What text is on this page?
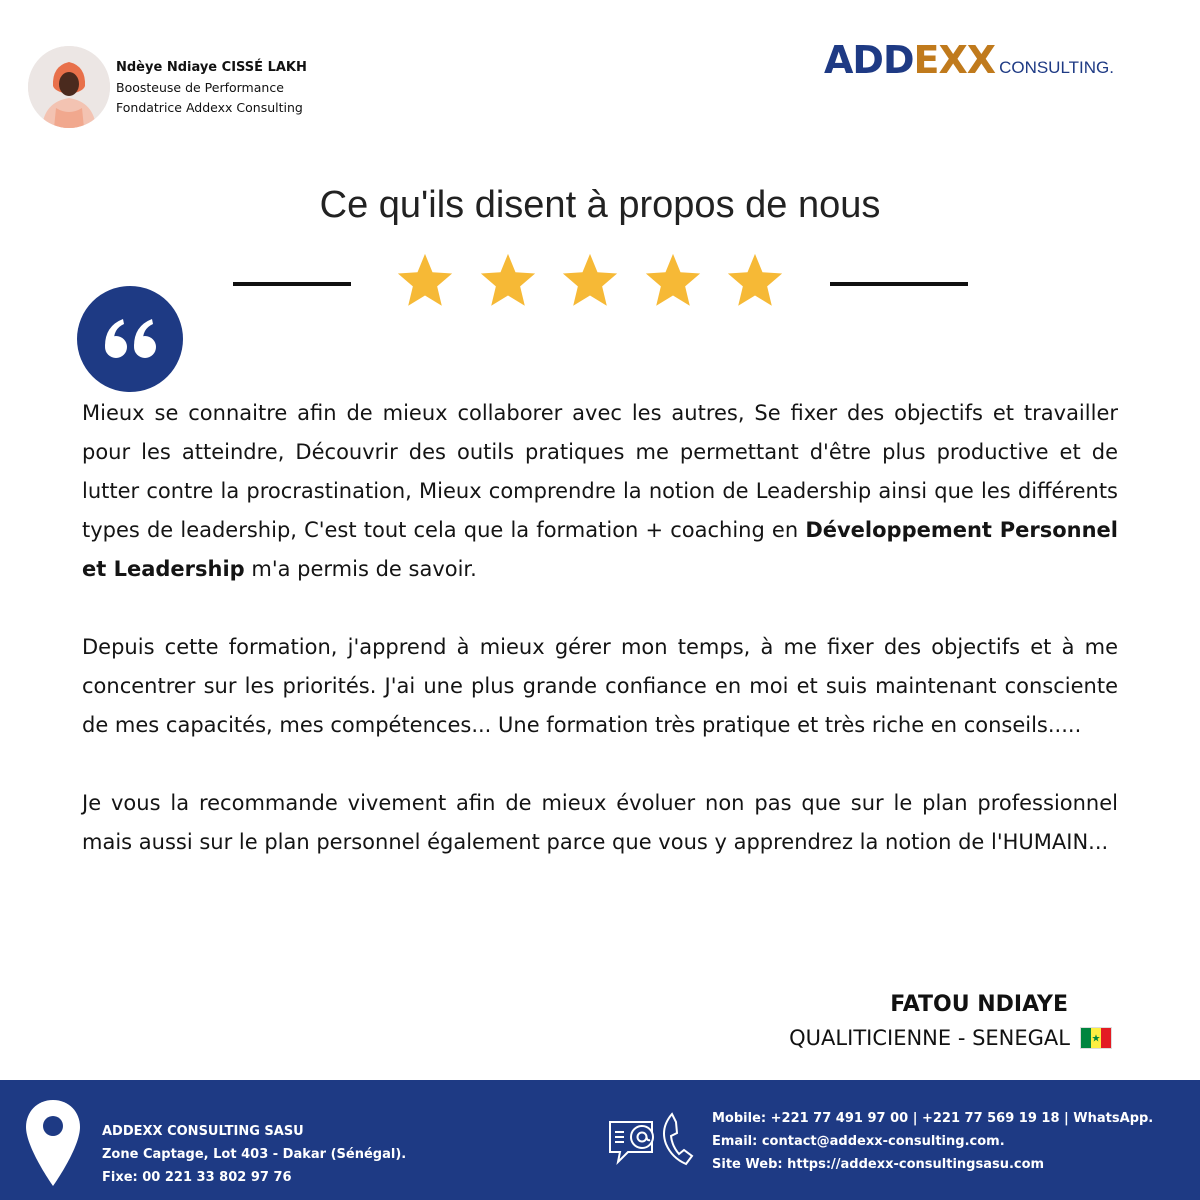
Ndèye Ndiaye CISSÉ LAKH
Boosteuse de Performance
Fondatrice Addexx Consulting
ADDEXX CONSULTING.
Ce qu'ils disent à propos de nous

Mieux se connaitre afin de mieux collaborer avec les autres, Se fixer des objectifs et travailler pour les atteindre, Découvrir des outils pratiques me permettant d'être plus productive et de lutter contre la procrastination, Mieux comprendre la notion de Leadership ainsi que les différents types de leadership, C'est tout cela que la formation + coaching en Développement Personnel et Leadership m'a permis de savoir.

Depuis cette formation, j'apprend à mieux gérer mon temps, à me fixer des objectifs et à me concentrer sur les priorités. J'ai une plus grande confiance en moi et suis maintenant consciente de mes capacités, mes compétences... Une formation très pratique et très riche en conseils.....

Je vous la recommande vivement afin de mieux évoluer non pas que sur le plan professionnel mais aussi sur le plan personnel également parce que vous y apprendrez la notion de l'HUMAIN...

FATOU NDIAYE
QUALITICIENNE - SENEGAL
ADDEXX CONSULTING SASU
Zone Captage, Lot 403 - Dakar (Sénégal).
Fixe: 00 221 33 802 97 76
Mobile: +221 77 491 97 00 | +221 77 569 19 18 | WhatsApp.
Email: contact@addexx-consulting.com.
Site Web: https://addexx-consultingsasu.com
